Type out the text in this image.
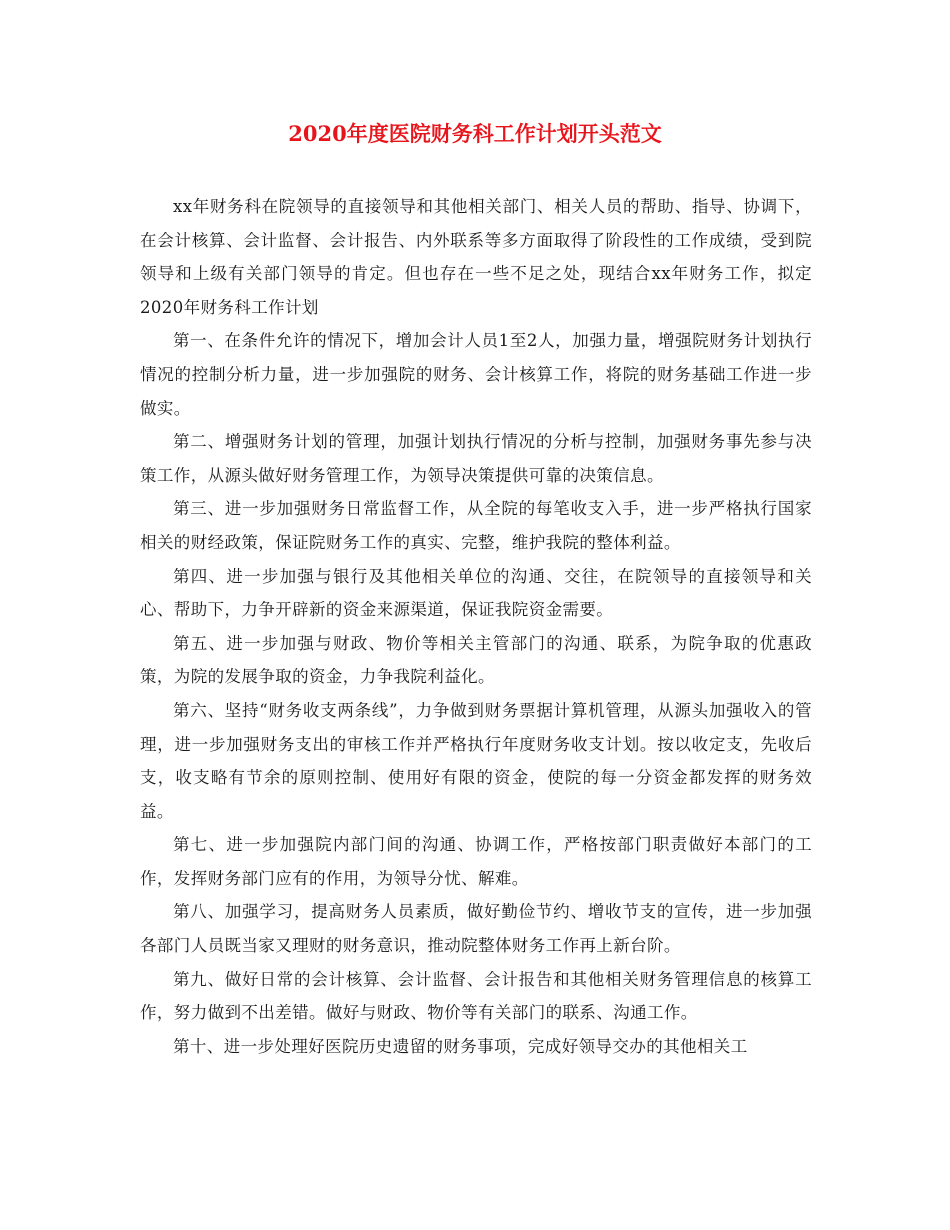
2020年度医院财务科工作计划开头范文

xx年财务科在院领导的直接领导和其他相关部门、相关人员的帮助、指导、协调下，在会计核算、会计监督、会计报告、内外联系等多方面取得了阶段性的工作成绩，受到院领导和上级有关部门领导的肯定。但也存在一些不足之处，现结合xx年财务工作，拟定2020年财务科工作计划

第一、在条件允许的情况下，增加会计人员1至2人，加强力量，增强院财务计划执行情况的控制分析力量，进一步加强院的财务、会计核算工作，将院的财务基础工作进一步做实。

第二、增强财务计划的管理，加强计划执行情况的分析与控制，加强财务事先参与决策工作，从源头做好财务管理工作，为领导决策提供可靠的决策信息。

第三、进一步加强财务日常监督工作，从全院的每笔收支入手，进一步严格执行国家相关的财经政策，保证院财务工作的真实、完整，维护我院的整体利益。

第四、进一步加强与银行及其他相关单位的沟通、交往，在院领导的直接领导和关心、帮助下，力争开辟新的资金来源渠道，保证我院资金需要。

第五、进一步加强与财政、物价等相关主管部门的沟通、联系，为院争取的优惠政策，为院的发展争取的资金，力争我院利益化。

第六、坚持“财务收支两条线”，力争做到财务票据计算机管理，从源头加强收入的管理，进一步加强财务支出的审核工作并严格执行年度财务收支计划。按以收定支，先收后支，收支略有节余的原则控制、使用好有限的资金，使院的每一分资金都发挥的财务效益。

第七、进一步加强院内部门间的沟通、协调工作，严格按部门职责做好本部门的工作，发挥财务部门应有的作用，为领导分忧、解难。

第八、加强学习，提高财务人员素质，做好勤俭节约、增收节支的宣传，进一步加强各部门人员既当家又理财的财务意识，推动院整体财务工作再上新台阶。

第九、做好日常的会计核算、会计监督、会计报告和其他相关财务管理信息的核算工作，努力做到不出差错。做好与财政、物价等有关部门的联系、沟通工作。

第十、进一步处理好医院历史遗留的财务事项，完成好领导交办的其他相关工
